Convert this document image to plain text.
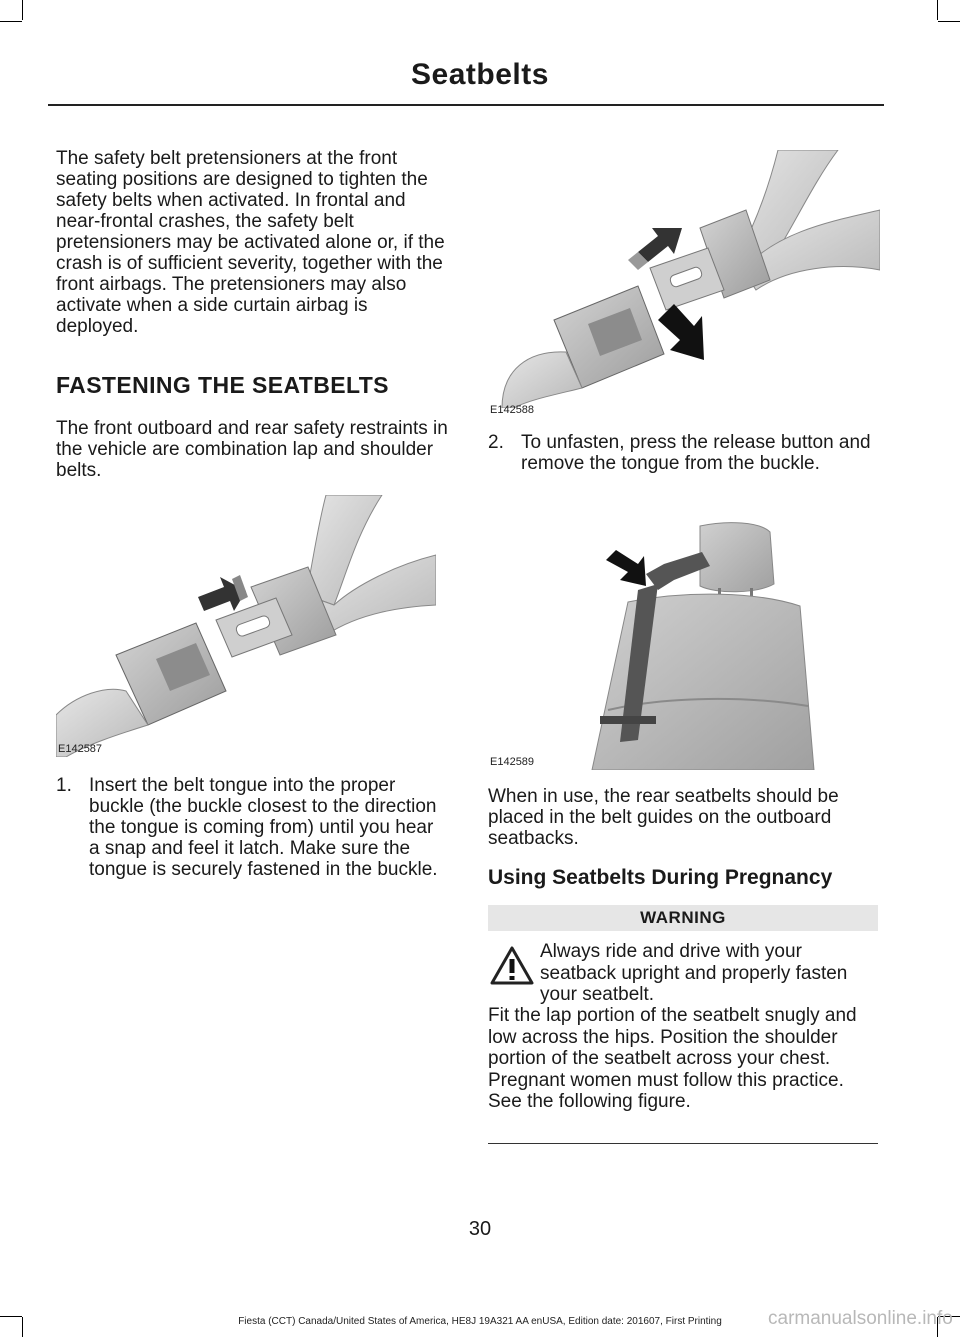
Seatbelts

The safety belt pretensioners at the front seating positions are designed to tighten the safety belts when activated. In frontal and near-frontal crashes, the safety belt pretensioners may be activated alone or, if the crash is of sufficient severity, together with the front airbags. The pretensioners may also activate when a side curtain airbag is deployed.

FASTENING THE SEATBELTS

The front outboard and rear safety restraints in the vehicle are combination lap and shoulder belts.

E142587
1. Insert the belt tongue into the proper buckle (the buckle closest to the direction the tongue is coming from) until you hear a snap and feel it latch. Make sure the tongue is securely fastened in the buckle.
E142588
2. To unfasten, press the release button and remove the tongue from the buckle.
E142589

When in use, the rear seatbelts should be placed in the belt guides on the outboard seatbacks.

Using Seatbelts During Pregnancy
WARNING
Always ride and drive with your seatback upright and properly fasten your seatbelt.
Fit the lap portion of the seatbelt snugly and low across the hips. Position the shoulder portion of the seatbelt across your chest. Pregnant women must follow this practice. See the following figure.
30
Fiesta (CCT) Canada/United States of America, HE8J 19A321 AA enUSA, Edition date: 201607, First Printing	carmanualsonline.info
